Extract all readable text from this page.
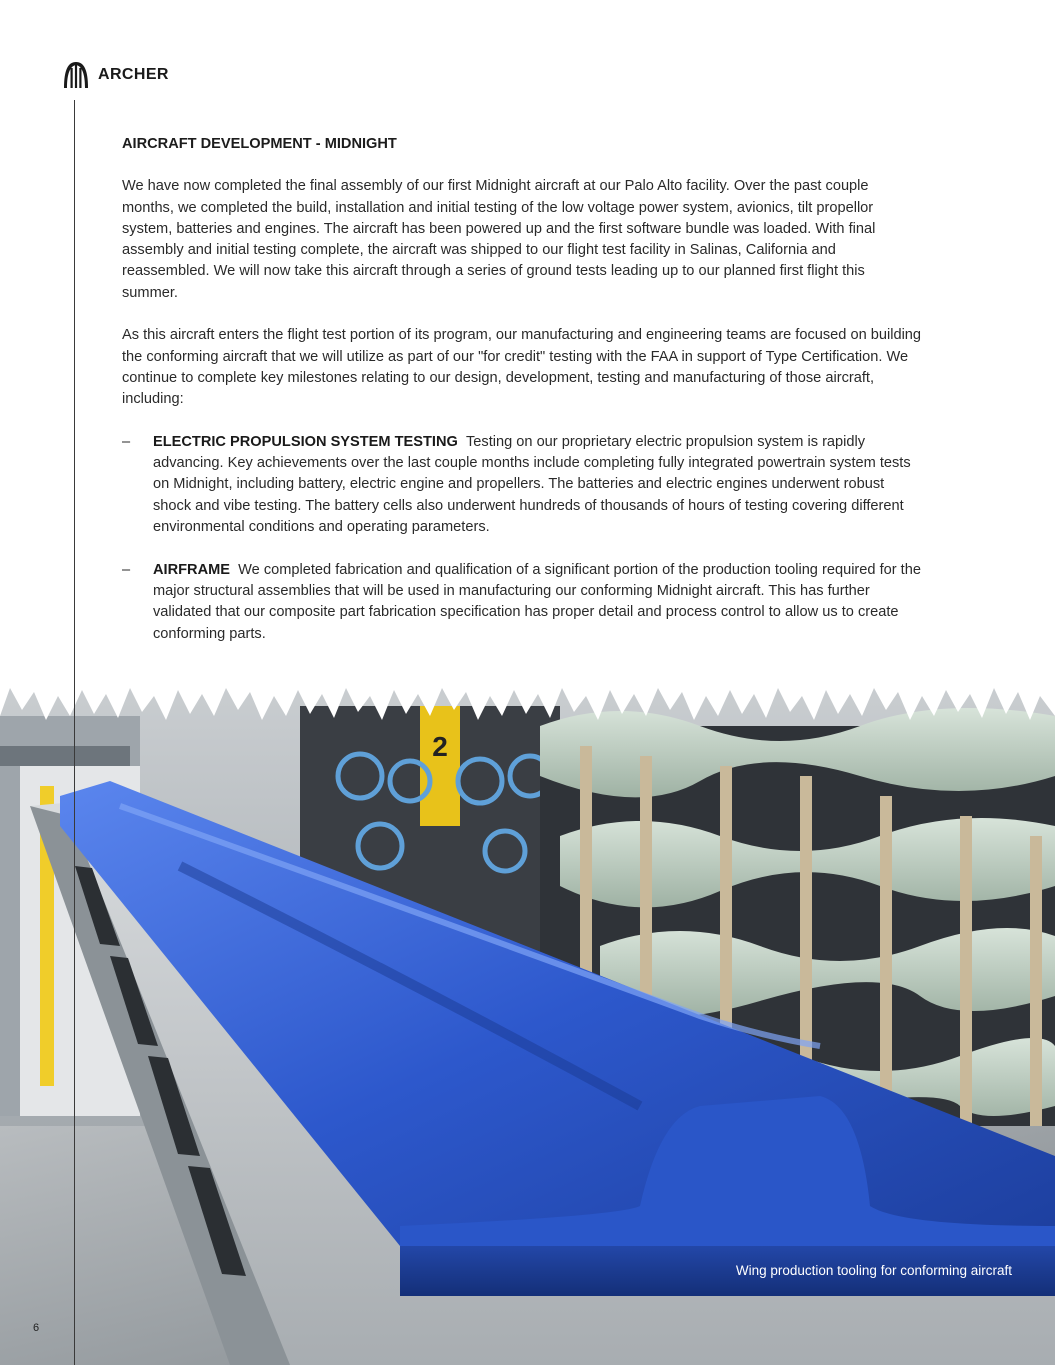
ARCHER
AIRCRAFT DEVELOPMENT - MIDNIGHT

We have now completed the final assembly of our first Midnight aircraft at our Palo Alto facility. Over the past couple months, we completed the build, installation and initial testing of the low voltage power system, avionics, tilt propellor system, batteries and engines. The aircraft has been powered up and the first software bundle was loaded. With final assembly and initial testing complete, the aircraft was shipped to our flight test facility in Salinas, California and reassembled. We will now take this aircraft through a series of ground tests leading up to our planned first flight this summer.

As this aircraft enters the flight test portion of its program, our manufacturing and engineering teams are focused on building the conforming aircraft that we will utilize as part of our "for credit" testing with the FAA in support of Type Certification. We continue to complete key milestones relating to our design, development, testing and manufacturing of those aircraft, including:

– ELECTRIC PROPULSION SYSTEM TESTING Testing on our proprietary electric propulsion system is rapidly advancing. Key achievements over the last couple months include completing fully integrated powertrain system tests on Midnight, including battery, electric engine and propellers. The batteries and electric engines underwent robust shock and vibe testing. The battery cells also underwent hundreds of thousands of hours of testing covering different environmental conditions and operating parameters.
– AIRFRAME We completed fabrication and qualification of a significant portion of the production tooling required for the major structural assemblies that will be used in manufacturing our conforming Midnight aircraft. This has further validated that our composite part fabrication specification has proper detail and process control to allow us to create conforming parts.
2
Wing production tooling for conforming aircraft
6
